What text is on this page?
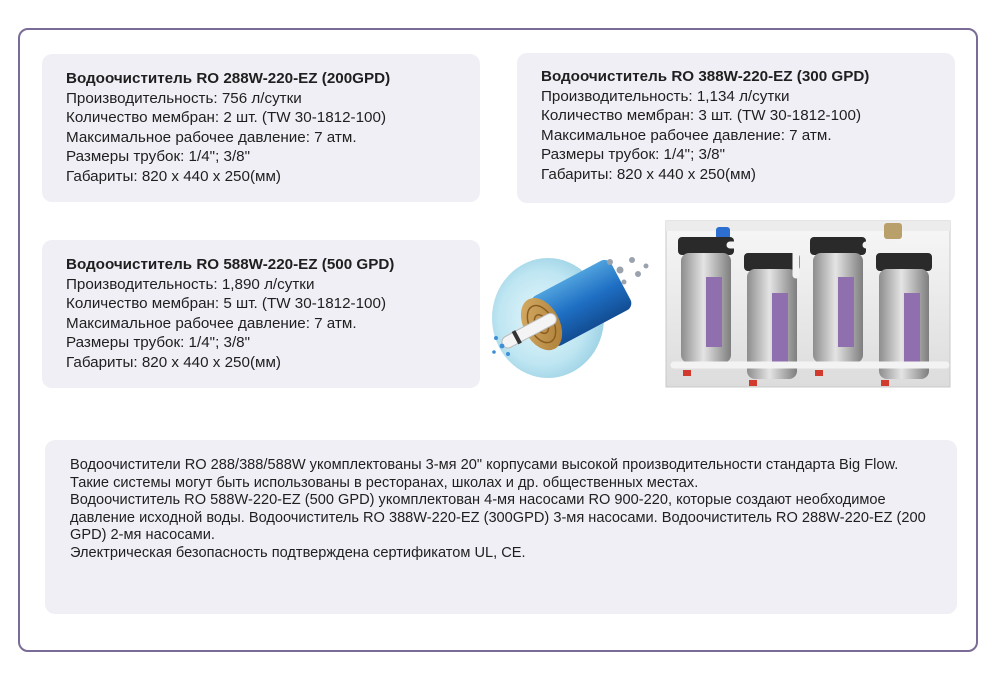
Водоочиститель RO 288W-220-EZ (200GPD)
Производительность: 756 л/сутки
Количество мембран: 2 шт. (TW 30-1812-100)
Максимальное рабочее давление: 7 атм.
Размеры трубок: 1/4"; 3/8"
Габариты: 820 х 440 х 250(мм)
Водоочиститель RO 388W-220-EZ (300 GPD)
Производительность: 1,134 л/сутки
Количество мембран: 3 шт. (TW 30-1812-100)
Максимальное рабочее давление: 7 атм.
Размеры трубок: 1/4"; 3/8"
Габариты: 820 х 440 х 250(мм)
Водоочиститель RO 588W-220-EZ (500 GPD)
Производительность: 1,890 л/сутки
Количество мембран: 5 шт. (TW 30-1812-100)
Максимальное рабочее давление: 7 атм.
Размеры трубок: 1/4"; 3/8"
Габариты: 820 х 440 х 250(мм)

Водоочистители RO 288/388/588W укомплектованы 3-мя 20" корпусами высокой производительности стандарта Big Flow. Такие системы могут быть использованы в ресторанах, школах и др. общественных местах.

Водоочиститель RO 588W-220-EZ (500 GPD) укомплектован 4-мя насосами RO 900-220, которые создают необходимое давление исходной воды. Водоочиститель RO 388W-220-EZ (300GPD) 3-мя насосами. Водоочиститель RO 288W-220-EZ (200 GPD) 2-мя насосами.

Электрическая безопасность подтверждена сертификатом UL, CE.
